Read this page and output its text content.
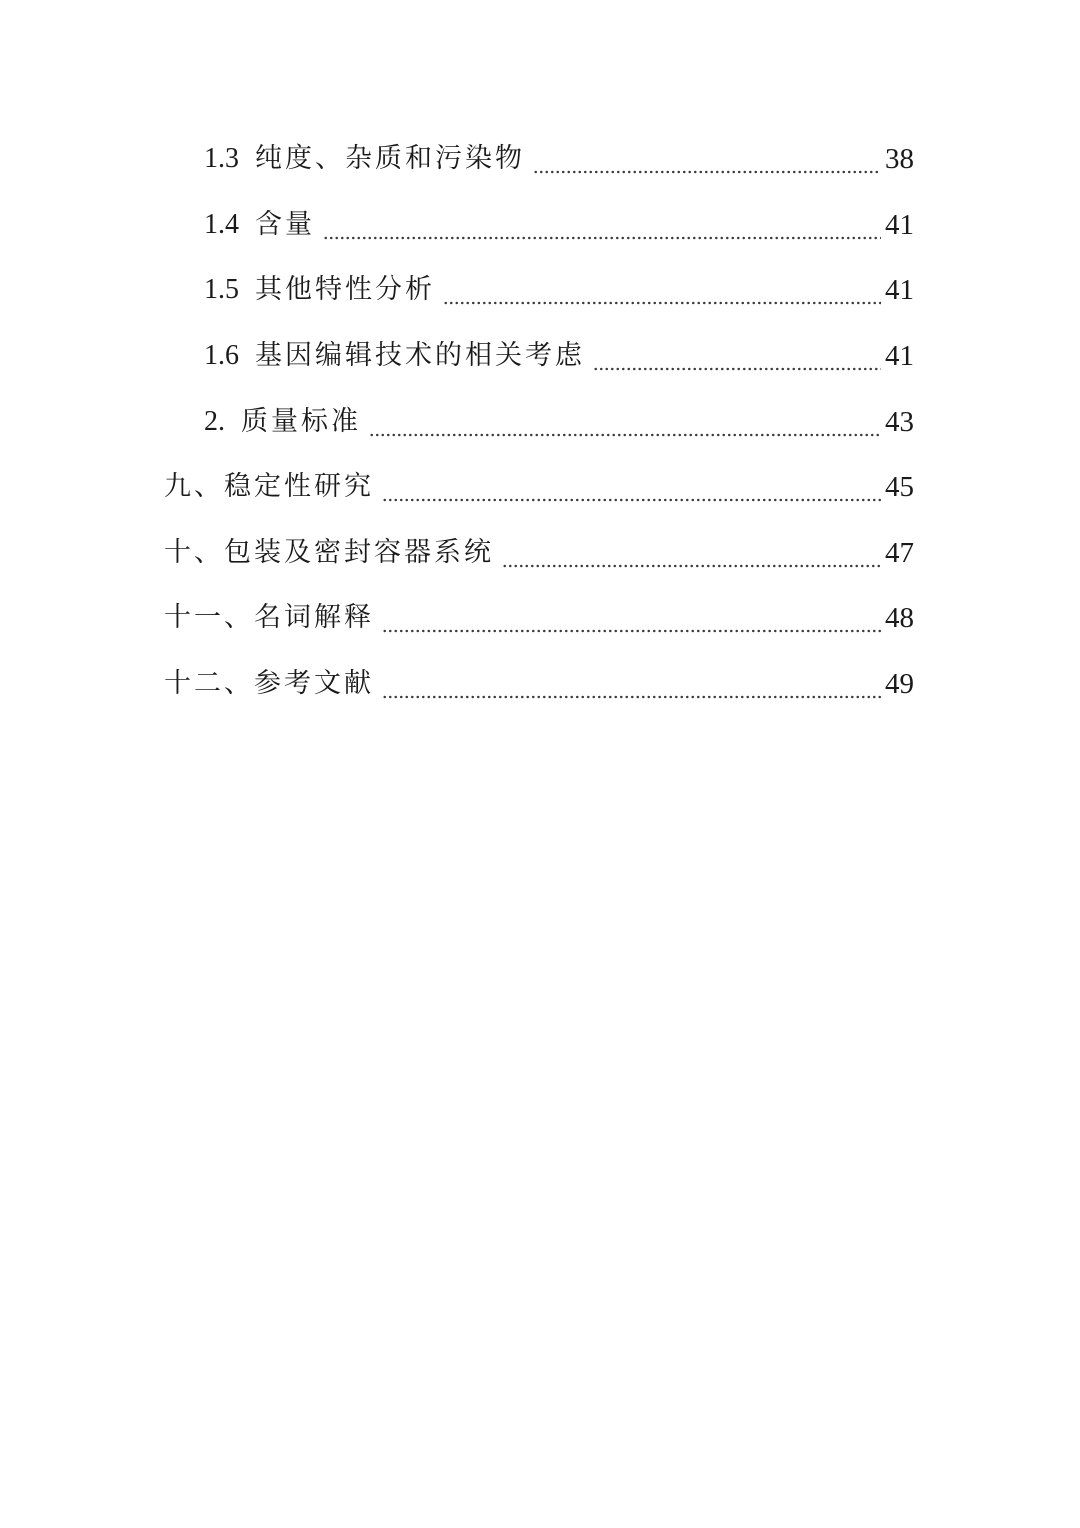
1.3 纯度、杂质和污染物	38
1.4 含量	41
1.5 其他特性分析	41
1.6 基因编辑技术的相关考虑	41
2. 质量标准	43
九、稳定性研究	45
十、包装及密封容器系统	47
十一、名词解释	48
十二、参考文献	49
